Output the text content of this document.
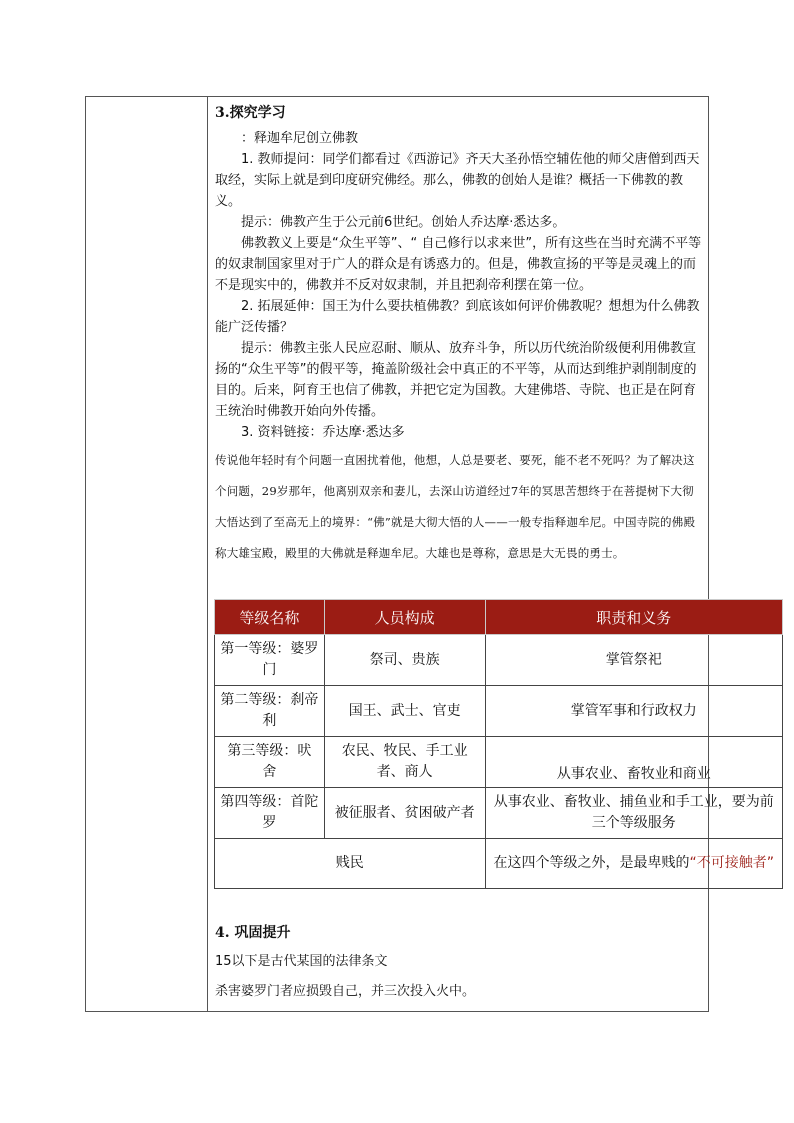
3.探究学习

：释迦牟尼创立佛教

1. 教师提问：同学们都看过《西游记》齐天大圣孙悟空辅佐他的师父唐僧到西天取经，实际上就是到印度研究佛经。那么，佛教的创始人是谁？概括一下佛教的教义。

提示：佛教产生于公元前6世纪。创始人乔达摩·悉达多。

佛教教义上要是“众生平等”、“ 自己修行以求来世”，所有这些在当时充满不平等的奴隶制国家里对于广人的群众是有诱惑力的。但是，佛教宣扬的平等是灵魂上的而不是现实中的，佛教并不反对奴隶制，并且把刹帝利摆在第一位。

2. 拓展延伸：国王为什么要扶植佛教？到底该如何评价佛教呢？想想为什么佛教能广泛传播？

提示：佛教主张人民应忍耐、顺从、放弃斗争，所以历代统治阶级便利用佛教宣扬的“众生平等”的假平等，掩盖阶级社会中真正的不平等，从而达到维护剥削制度的目的。后来，阿育王也信了佛教，并把它定为国教。大建佛塔、寺院、也正是在阿育王统治时佛教开始向外传播。

3. 资料链接：乔达摩·悉达多

传说他年轻时有个问题一直困扰着他，他想，人总是要老、要死，能不老不死吗？为了解决这个问题，29岁那年，他离别双亲和妻儿，去深山访道经过7年的冥思苦想终于在菩提树下大彻大悟达到了至高无上的境界：“佛”就是大彻大悟的人——一般专指释迦牟尼。中国寺院的佛殿称大雄宝殿，殿里的大佛就是释迦牟尼。大雄也是尊称，意思是大无畏的勇士。

等级名称	人员构成	职责和义务
第一等级：婆罗门	祭司、贵族	掌管祭祀
第二等级：刹帝利	国王、武士、官吏	掌管军事和行政权力
第三等级：吠 舍	农民、牧民、手工业者、商人	从事农业、畜牧业和商业
第四等级：首陀罗	被征服者、贫困破产者	从事农业、畜牧业、捕鱼业和手工业，要为前三个等级服务
贱民		在这四个等级之外，是最卑贱的“不可接触者”
4. 巩固提升

15以下是古代某国的法律条文

杀害婆罗门者应损毁自己，并三次投入火中。
